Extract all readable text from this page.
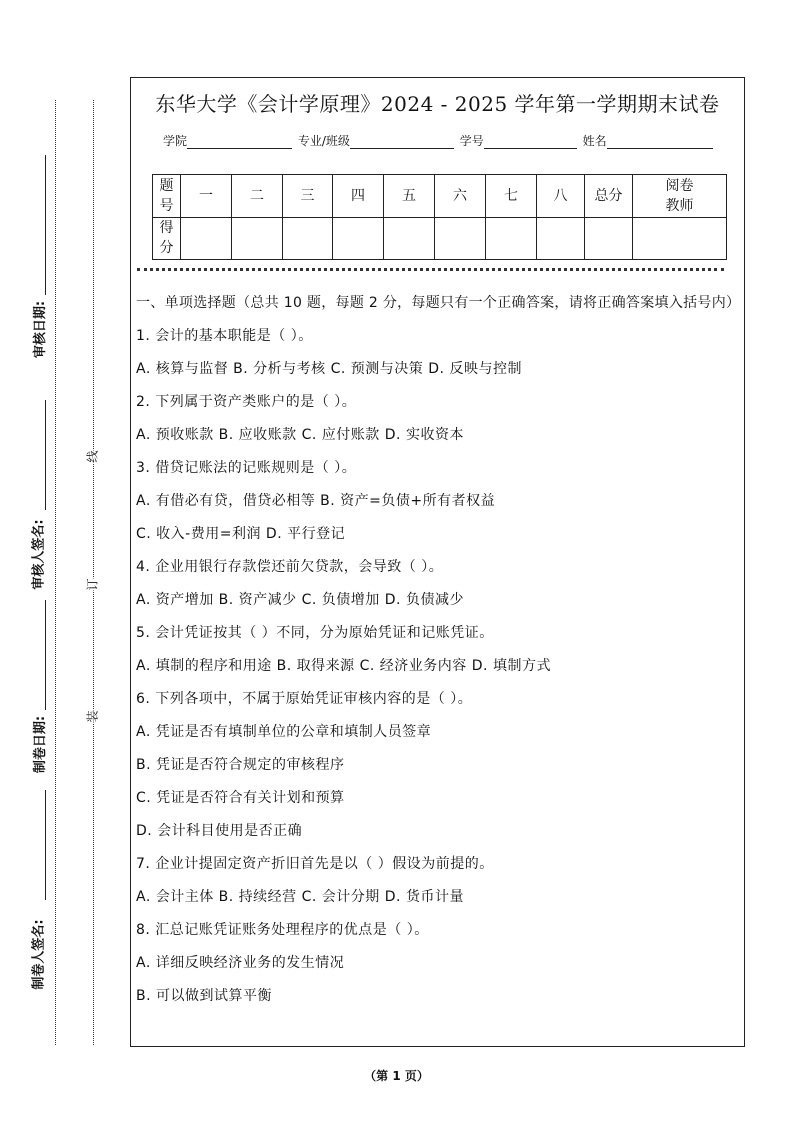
审核日期:
审核人签名:
制卷日期:
制卷人签名:
线
订
装
东华大学《会计学原理》2024 - 2025 学年第一学期期末试卷
学院	专业/班级	学号	姓名
题号	一	二	三	四	五	六	七	八	总分	阅卷教师
得分										
一、单项选择题（总共 10 题，每题 2 分，每题只有一个正确答案，请将正确答案填入括号内）
1. 会计的基本职能是（ ）。
A. 核算与监督 B. 分析与考核 C. 预测与决策 D. 反映与控制
2. 下列属于资产类账户的是（ ）。
A. 预收账款 B. 应收账款 C. 应付账款 D. 实收资本
3. 借贷记账法的记账规则是（ ）。
A. 有借必有贷，借贷必相等 B. 资产=负债+所有者权益
C. 收入-费用=利润 D. 平行登记
4. 企业用银行存款偿还前欠贷款，会导致（ ）。
A. 资产增加 B. 资产减少 C. 负债增加 D. 负债减少
5. 会计凭证按其（ ）不同，分为原始凭证和记账凭证。
A. 填制的程序和用途 B. 取得来源 C. 经济业务内容 D. 填制方式
6. 下列各项中，不属于原始凭证审核内容的是（ ）。
A. 凭证是否有填制单位的公章和填制人员签章
B. 凭证是否符合规定的审核程序
C. 凭证是否符合有关计划和预算
D. 会计科目使用是否正确
7. 企业计提固定资产折旧首先是以（ ）假设为前提的。
A. 会计主体 B. 持续经营 C. 会计分期 D. 货币计量
8. 汇总记账凭证账务处理程序的优点是（ ）。
A. 详细反映经济业务的发生情况
B. 可以做到试算平衡
（第 1 页）
